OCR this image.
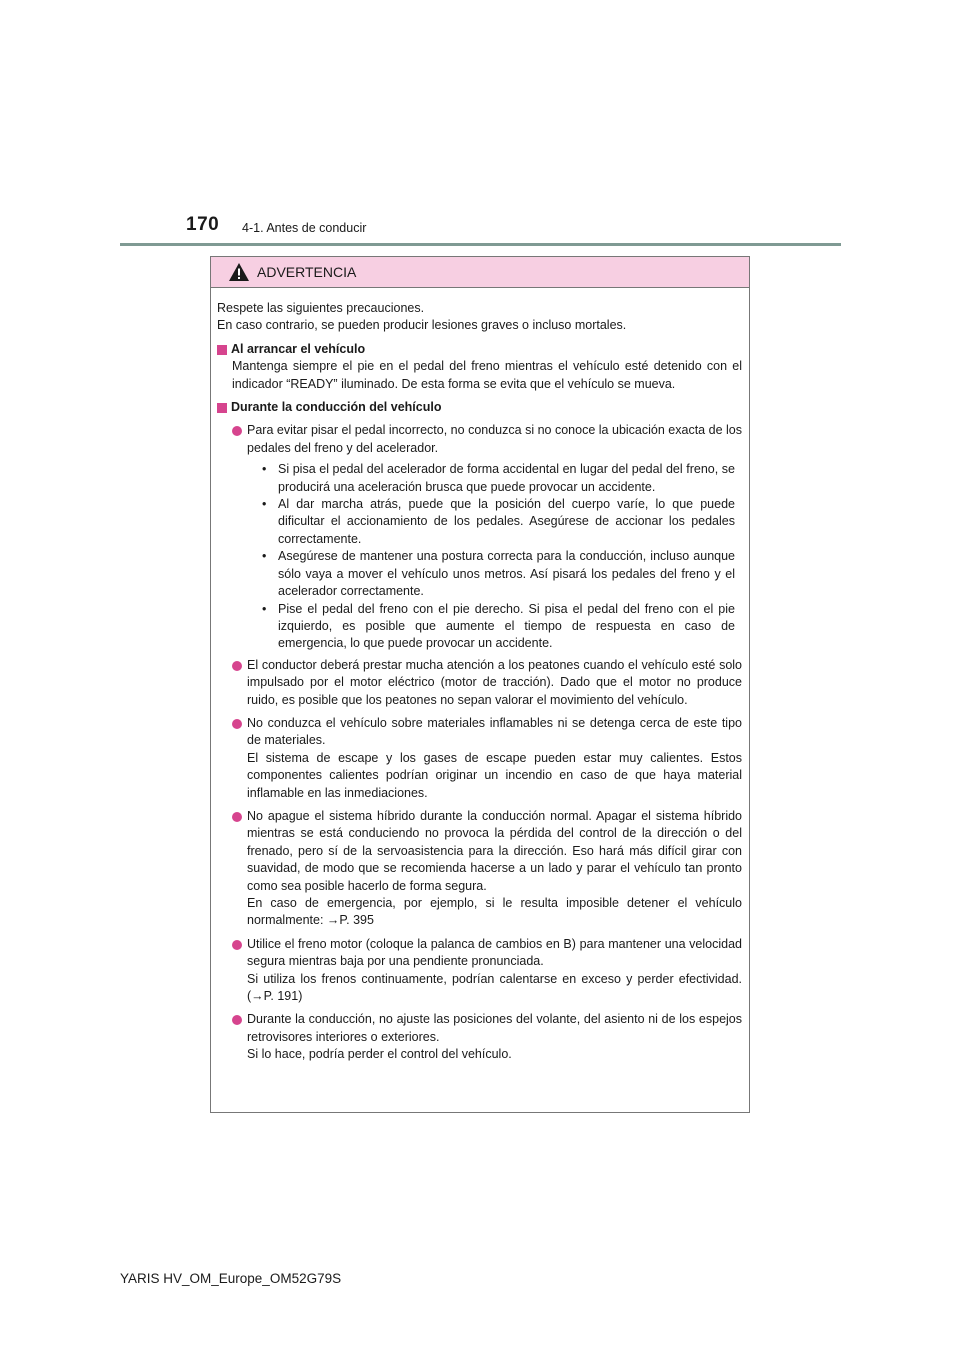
170 4-1. Antes de conducir
ADVERTENCIA
Respete las siguientes precauciones.
En caso contrario, se pueden producir lesiones graves o incluso mortales.
Al arrancar el vehículo
Mantenga siempre el pie en el pedal del freno mientras el vehículo esté detenido con el indicador “READY” iluminado. De esta forma se evita que el vehículo se mueva.
Durante la conducción del vehículo
Para evitar pisar el pedal incorrecto, no conduzca si no conoce la ubicación exacta de los pedales del freno y del acelerador.
• Si pisa el pedal del acelerador de forma accidental en lugar del pedal del freno, se producirá una aceleración brusca que puede provocar un accidente.
• Al dar marcha atrás, puede que la posición del cuerpo varíe, lo que puede dificultar el accionamiento de los pedales. Asegúrese de accionar los pedales correctamente.
• Asegúrese de mantener una postura correcta para la conducción, incluso aunque sólo vaya a mover el vehículo unos metros. Así pisará los pedales del freno y el acelerador correctamente.
• Pise el pedal del freno con el pie derecho. Si pisa el pedal del freno con el pie izquierdo, es posible que aumente el tiempo de respuesta en caso de emergencia, lo que puede provocar un accidente.
El conductor deberá prestar mucha atención a los peatones cuando el vehículo esté solo impulsado por el motor eléctrico (motor de tracción). Dado que el motor no produce ruido, es posible que los peatones no sepan valorar el movimiento del vehículo.
No conduzca el vehículo sobre materiales inflamables ni se detenga cerca de este tipo de materiales.
El sistema de escape y los gases de escape pueden estar muy calientes. Estos componentes calientes podrían originar un incendio en caso de que haya material inflamable en las inmediaciones.
No apague el sistema híbrido durante la conducción normal. Apagar el sistema híbrido mientras se está conduciendo no provoca la pérdida del control de la dirección o del frenado, pero sí de la servoasistencia para la dirección. Eso hará más difícil girar con suavidad, de modo que se recomienda hacerse a un lado y parar el vehículo tan pronto como sea posible hacerlo de forma segura.
En caso de emergencia, por ejemplo, si le resulta imposible detener el vehículo normalmente: →P. 395
Utilice el freno motor (coloque la palanca de cambios en B) para mantener una velocidad segura mientras baja por una pendiente pronunciada.
Si utiliza los frenos continuamente, podrían calentarse en exceso y perder efectividad. (→P. 191)
Durante la conducción, no ajuste las posiciones del volante, del asiento ni de los espejos retrovisores interiores o exteriores.
Si lo hace, podría perder el control del vehículo.
YARIS HV_OM_Europe_OM52G79S
